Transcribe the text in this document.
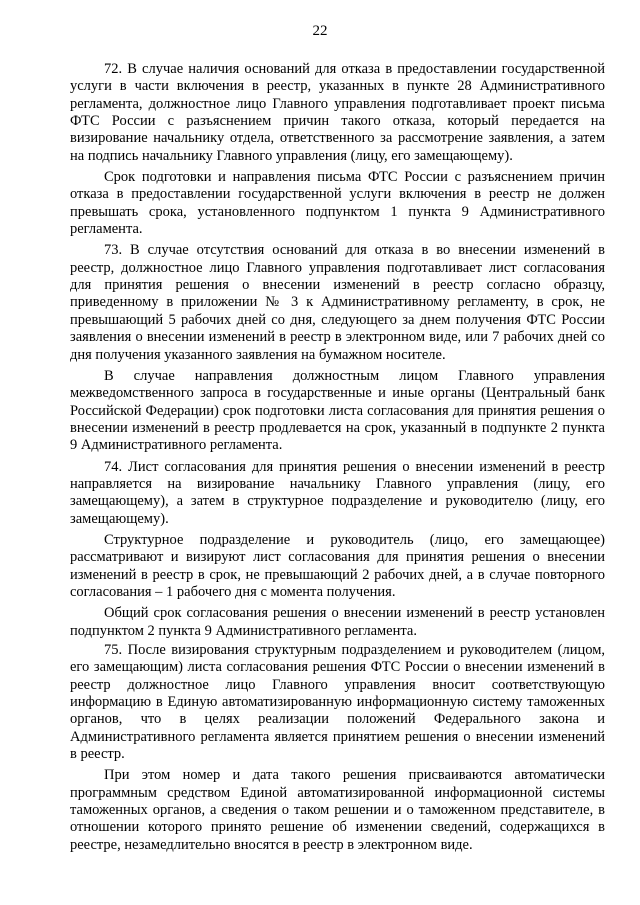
22

72. В случае наличия оснований для отказа в предоставлении государственной услуги в части включения в реестр, указанных в пункте 28 Административного регламента, должностное лицо Главного управления подготавливает проект письма ФТС России с разъяснением причин такого отказа, который передается на визирование начальнику отдела, ответственного за рассмотрение заявления, а затем на подпись начальнику Главного управления (лицу, его замещающему).

Срок подготовки и направления письма ФТС России с разъяснением причин отказа в предоставлении государственной услуги включения в реестр не должен превышать срока, установленного подпунктом 1 пункта 9 Административного регламента.

73. В случае отсутствия оснований для отказа в во внесении изменений в реестр, должностное лицо Главного управления подготавливает лист согласования для принятия решения о внесении изменений в реестр согласно образцу, приведенному в приложении № 3 к Административному регламенту, в срок, не превышающий 5 рабочих дней со дня, следующего за днем получения ФТС России заявления о внесении изменений в реестр в электронном виде, или 7 рабочих дней со дня получения указанного заявления на бумажном носителе.

В случае направления должностным лицом Главного управления межведомственного запроса в государственные и иные органы (Центральный банк Российской Федерации) срок подготовки листа согласования для принятия решения о внесении изменений в реестр продлевается на срок, указанный в подпункте 2 пункта 9 Административного регламента.

74. Лист согласования для принятия решения о внесении изменений в реестр направляется на визирование начальнику Главного управления (лицу, его замещающему), а затем в структурное подразделение и руководителю (лицу, его замещающему).

Структурное подразделение и руководитель (лицо, его замещающее) рассматривают и визируют лист согласования для принятия решения о внесении изменений в реестр в срок, не превышающий 2 рабочих дней, а в случае повторного согласования – 1 рабочего дня с момента получения.

Общий срок согласования решения о внесении изменений в реестр установлен подпунктом 2 пункта 9 Административного регламента.

75. После визирования структурным подразделением и руководителем (лицом, его замещающим) листа согласования решения ФТС России о внесении изменений в реестр должностное лицо Главного управления вносит соответствующую информацию в Единую автоматизированную информационную систему таможенных органов, что в целях реализации положений Федерального закона и Административного регламента является принятием решения о внесении изменений в реестр.

При этом номер и дата такого решения присваиваются автоматически программным средством Единой автоматизированной информационной системы таможенных органов, а сведения о таком решении и о таможенном представителе, в отношении которого принято решение об изменении сведений, содержащихся в реестре, незамедлительно вносятся в реестр в электронном виде.
